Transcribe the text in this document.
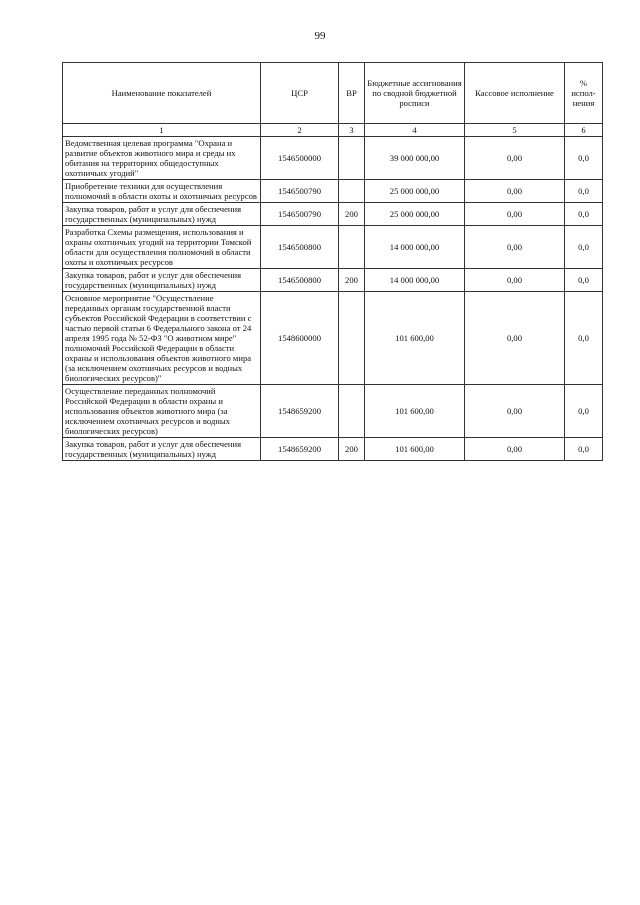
99
Наименование показателей	ЦСР	ВР	Бюджетные ассигнования по сводной бюджетной росписи	Кассовое исполнение	% испол-нения
1	2	3	4	5	6
Ведомственная целевая программа "Охрана и развитие объектов животного мира и среды их обитания на территориях общедоступных охотничьих угодий"	1546500000		39 000 000,00	0,00	0,0
Приобретение техники для осуществления полномочий в области охоты и охотничьих ресурсов	1546500790		25 000 000,00	0,00	0,0
Закупка товаров, работ и услуг для обеспечения государственных (муниципальных) нужд	1546500790	200	25 000 000,00	0,00	0,0
Разработка Схемы размещения, использования и охраны охотничьих угодий на территории Томской области для осуществления полномочий в области охоты и охотничьих ресурсов	1546500800		14 000 000,00	0,00	0,0
Закупка товаров, работ и услуг для обеспечения государственных (муниципальных) нужд	1546500800	200	14 000 000,00	0,00	0,0
Основное мероприятие "Осуществление переданных органам государственной власти субъектов Российской Федерации в соответствии с частью первой статьи 6 Федерального закона от 24 апреля 1995 года № 52-ФЗ "О животном мире" полномочий Российской Федерации в области охраны и использования объектов животного мира (за исключением охотничьих ресурсов и водных биологических ресурсов)"	1548600000		101 600,00	0,00	0,0
Осуществление переданных полномочий Российской Федерации в области охраны и использования объектов животного мира (за исключением охотничьих ресурсов и водных биологических ресурсов)	1548659200		101 600,00	0,00	0,0
Закупка товаров, работ и услуг для обеспечения государственных (муниципальных) нужд	1548659200	200	101 600,00	0,00	0,0
